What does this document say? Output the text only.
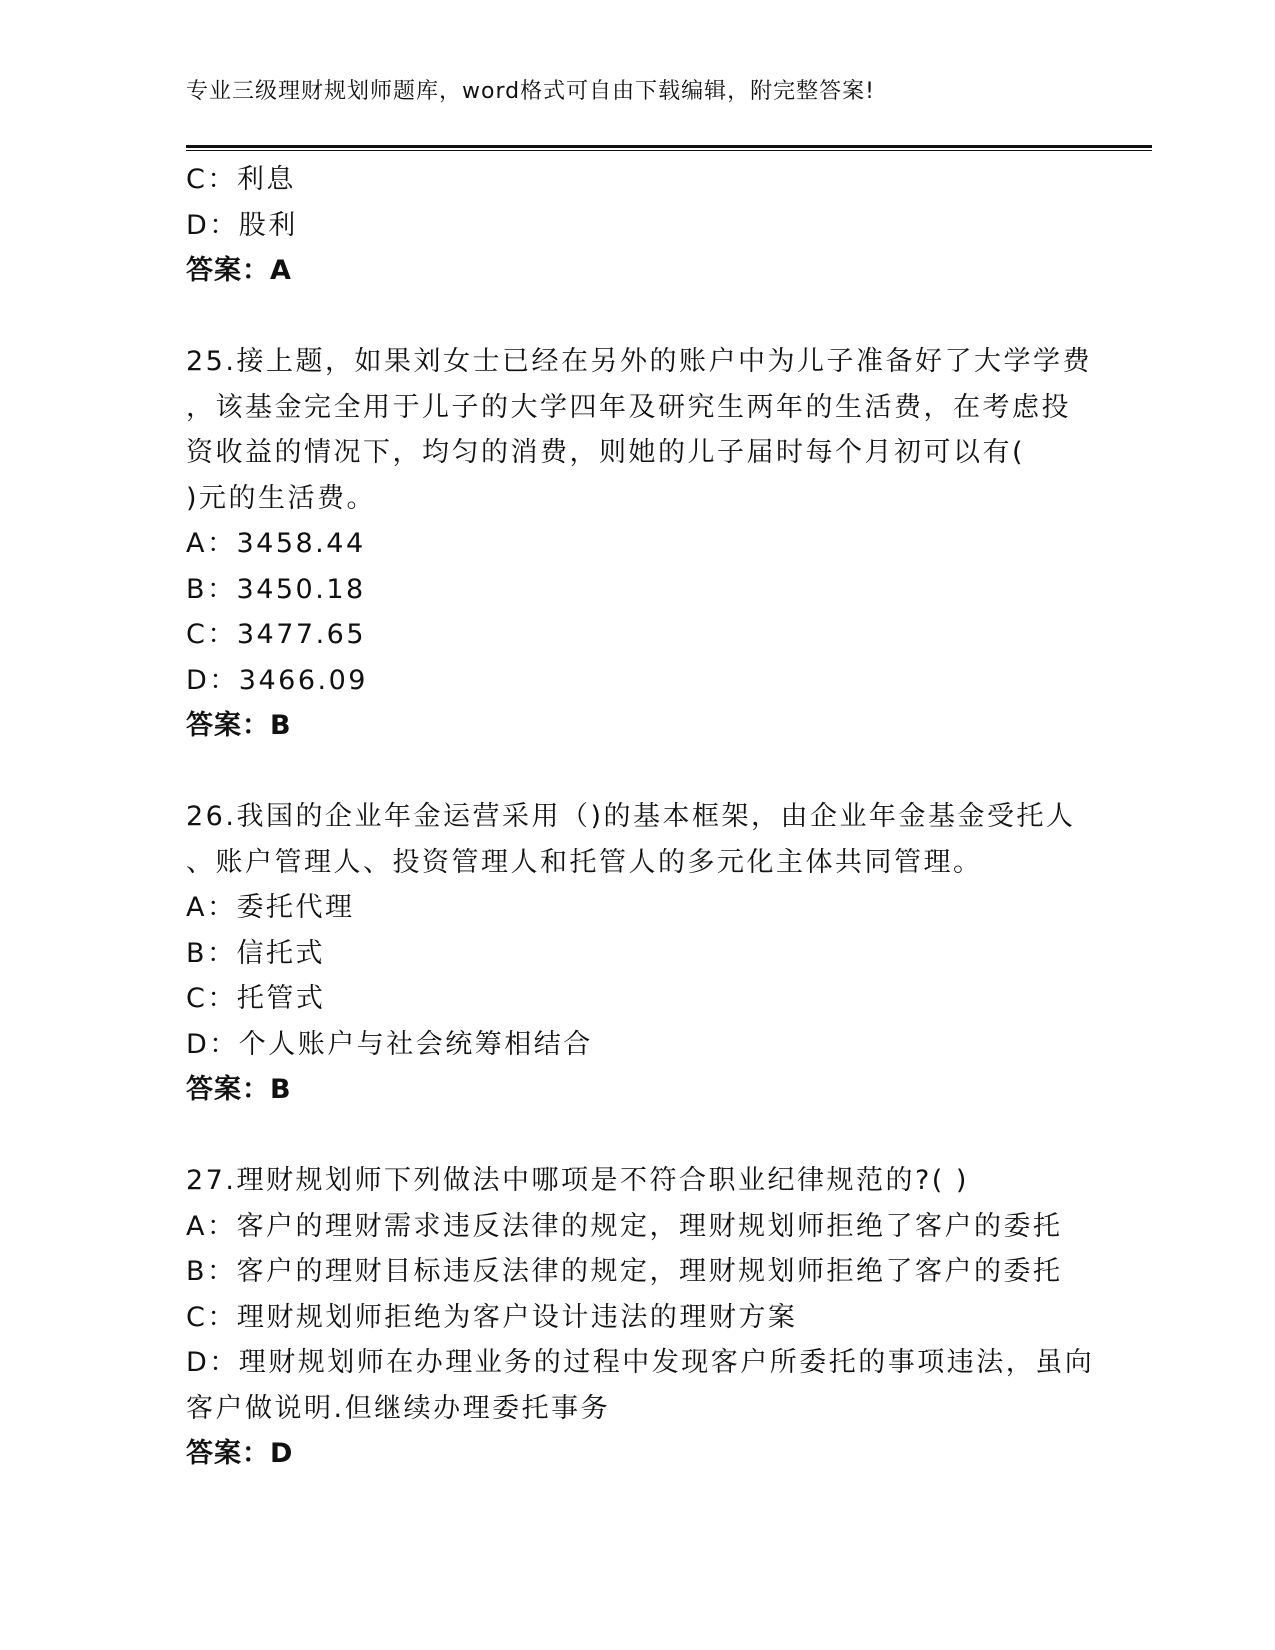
专业三级理财规划师题库，word格式可自由下载编辑，附完整答案!
C：利息
D：股利
答案：A
25.接上题，如果刘女士已经在另外的账户中为儿子准备好了大学学费
，该基金完全用于儿子的大学四年及研究生两年的生活费，在考虑投
资收益的情况下，均匀的消费，则她的儿子届时每个月初可以有(
)元的生活费。
A：3458.44
B：3450.18
C：3477.65
D：3466.09
答案：B
26.我国的企业年金运营采用（)的基本框架，由企业年金基金受托人
、账户管理人、投资管理人和托管人的多元化主体共同管理。
A：委托代理
B：信托式
C：托管式
D：个人账户与社会统筹相结合
答案：B
27.理财规划师下列做法中哪项是不符合职业纪律规范的?( )
A：客户的理财需求违反法律的规定，理财规划师拒绝了客户的委托
B：客户的理财目标违反法律的规定，理财规划师拒绝了客户的委托
C：理财规划师拒绝为客户设计违法的理财方案
D：理财规划师在办理业务的过程中发现客户所委托的事项违法，虽向
客户做说明.但继续办理委托事务
答案：D
